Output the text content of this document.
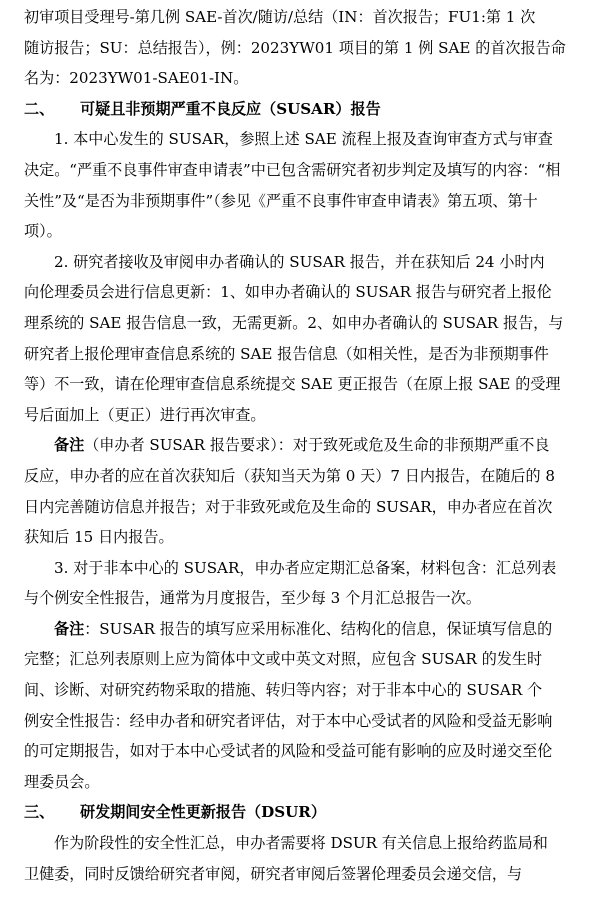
初审项目受理号-第几例 SAE-首次/随访/总结（IN：首次报告；FU1:第 1 次

随访报告；SU：总结报告），例：2023YW01 项目的第 1 例 SAE 的首次报告命

名为：2023YW01-SAE01-IN。

二、 可疑且非预期严重不良反应（SUSAR）报告

1. 本中心发生的 SUSAR，参照上述 SAE 流程上报及查询审查方式与审查

决定。“严重不良事件审查申请表”中已包含需研究者初步判定及填写的内容：“相

关性”及“是否为非预期事件”（参见《严重不良事件审查申请表》第五项、第十

项）。

2. 研究者接收及审阅申办者确认的 SUSAR 报告，并在获知后 24 小时内

向伦理委员会进行信息更新：1、如申办者确认的 SUSAR 报告与研究者上报伦

理系统的 SAE 报告信息一致，无需更新。2、如申办者确认的 SUSAR 报告，与

研究者上报伦理审查信息系统的 SAE 报告信息（如相关性，是否为非预期事件

等）不一致，请在伦理审查信息系统提交 SAE 更正报告（在原上报 SAE 的受理

号后面加上（更正）进行再次审查。

备注（申办者 SUSAR 报告要求）：对于致死或危及生命的非预期严重不良

反应，申办者的应在首次获知后（获知当天为第 0 天）7 日内报告，在随后的 8

日内完善随访信息并报告；对于非致死或危及生命的 SUSAR，申办者应在首次

获知后 15 日内报告。

3. 对于非本中心的 SUSAR，申办者应定期汇总备案，材料包含：汇总列表

与个例安全性报告，通常为月度报告，至少每 3 个月汇总报告一次。

备注：SUSAR 报告的填写应采用标准化、结构化的信息，保证填写信息的

完整；汇总列表原则上应为简体中文或中英文对照，应包含 SUSAR 的发生时

间、诊断、对研究药物采取的措施、转归等内容；对于非本中心的 SUSAR 个

例安全性报告：经申办者和研究者评估，对于本中心受试者的风险和受益无影响

的可定期报告，如对于本中心受试者的风险和受益可能有影响的应及时递交至伦

理委员会。

三、 研发期间安全性更新报告（DSUR）

作为阶段性的安全性汇总，申办者需要将 DSUR 有关信息上报给药监局和

卫健委，同时反馈给研究者审阅，研究者审阅后签署伦理委员会递交信，与
